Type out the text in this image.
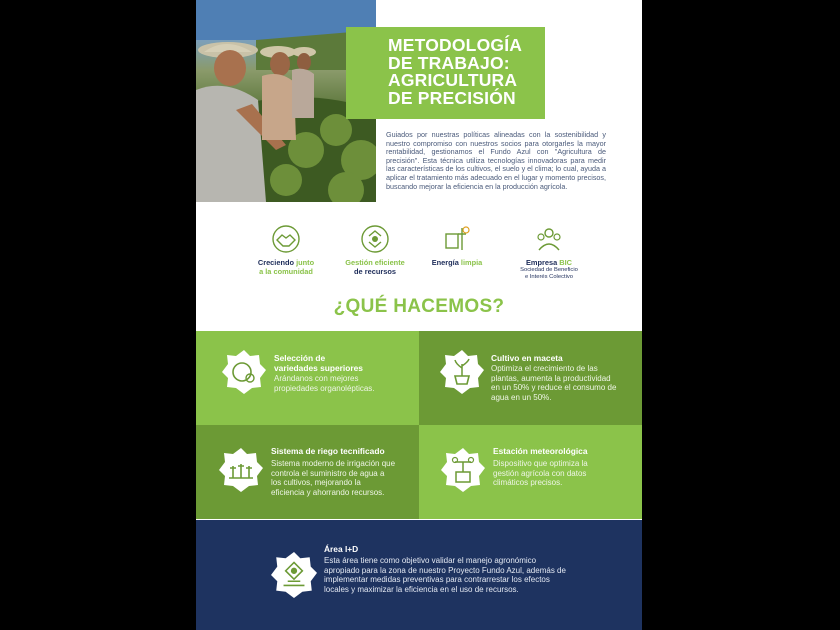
METODOLOGÍA
DE TRABAJO:
AGRICULTURA
DE PRECISIÓN

Guiados por nuestras políticas alineadas con la sostenibilidad y nuestro compromiso con nuestros socios para otorgarles la mayor rentabilidad, gestionamos el Fundo Azul con "Agricultura de precisión". Esta técnica utiliza tecnologías innovadoras para medir las características de los cultivos, el suelo y el clima; lo cual, ayuda a aplicar el tratamiento más adecuado en el lugar y momento precisos, buscando mejorar la eficiencia en la producción agrícola.

Creciendo junto
a la comunidad
Gestión eficiente
de recursos
Energía limpia	Empresa BIC
Sociedad de Beneficio
e Interés Colectivo
¿QUÉ HACEMOS?
Selección de
variedades superiores
Arándanos con mejores propiedades organolépticas.
Cultivo en maceta
Optimiza el crecimiento de las plantas, aumenta la productividad en un 50% y reduce el consumo de agua en un 50%.
Sistema de riego tecnificado
Sistema moderno de irrigación que controla el suministro de agua a los cultivos, mejorando la eficiencia y ahorrando recursos.
Estación meteorológica
Dispositivo que optimiza la gestión agrícola con datos climáticos precisos.
Área I+D
Esta área tiene como objetivo validar el manejo agronómico apropiado para la zona de nuestro Proyecto Fundo Azul, además de implementar medidas preventivas para contrarrestar los efectos locales y maximizar la eficiencia en el uso de recursos.
